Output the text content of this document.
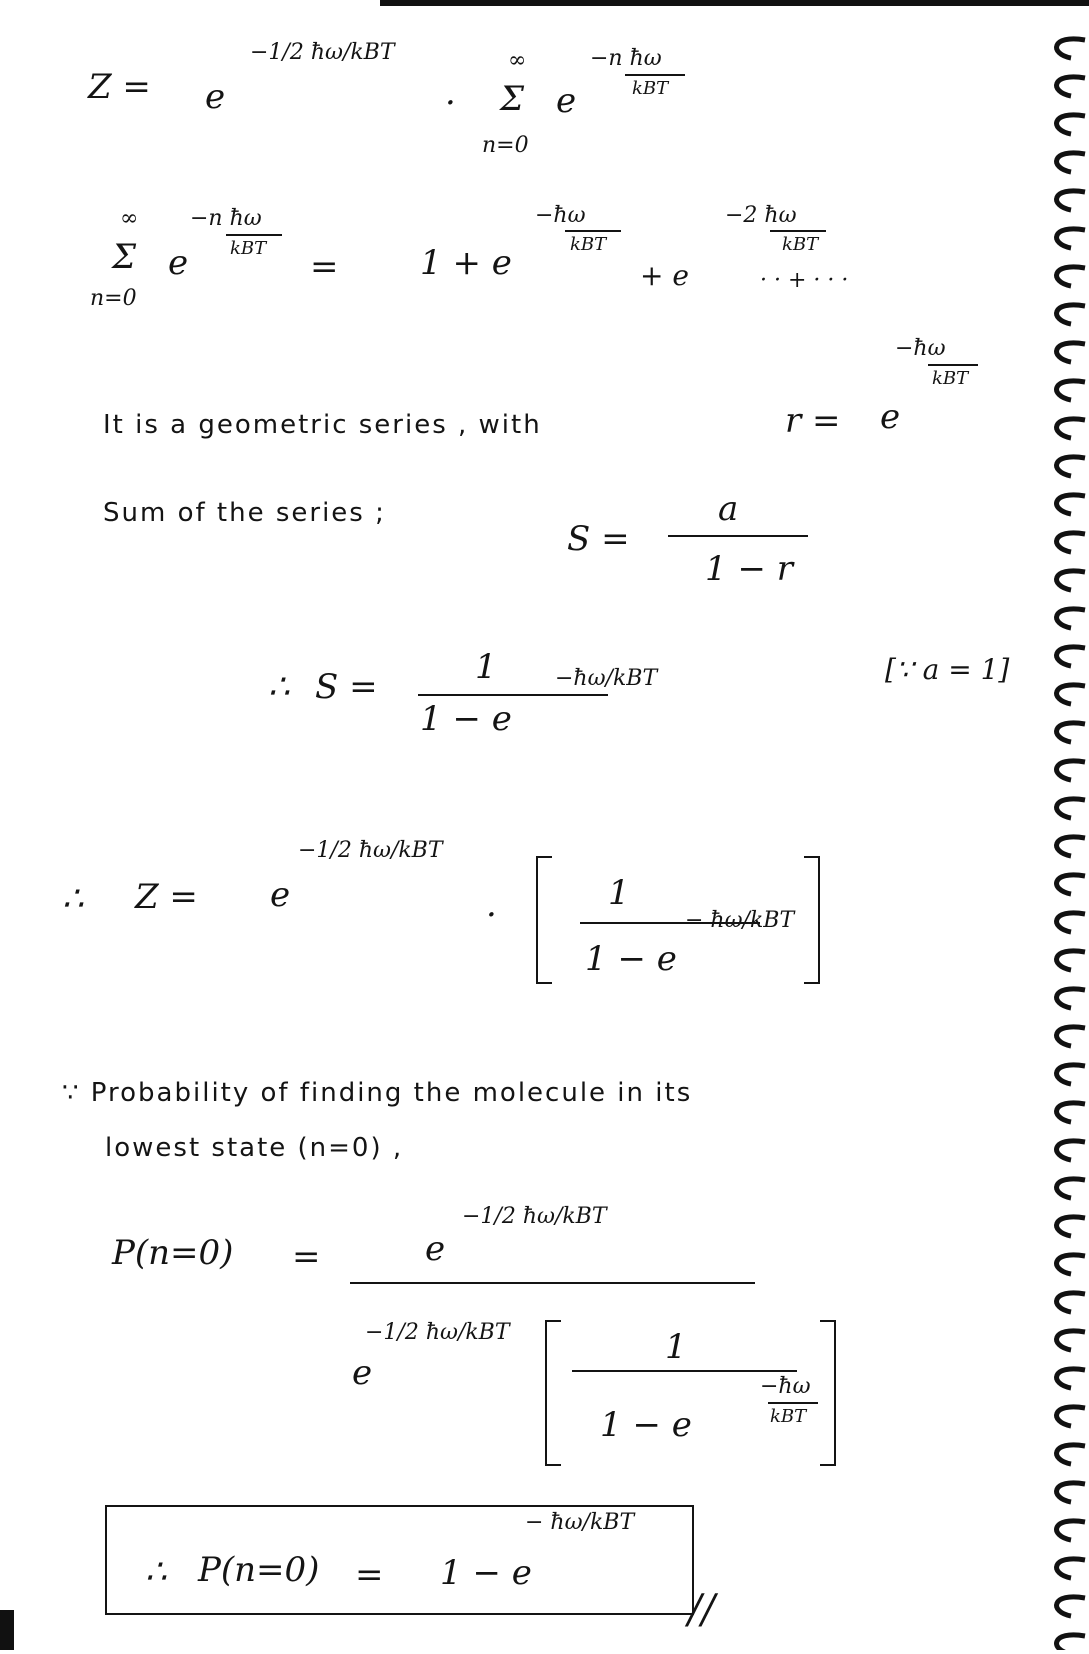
Z = e
−1/2 ħω/kBT
·
∞
Σ
n=0
e
−n ħω
kBT
∞
Σ e
−n ħω
kBT
n=0
= 1 + e
−ħω
kBT
+ e
−2 ħω
kBT
· · + · · ·
It is a geometric series , with	r = e
−ħω
kBT
Sum of the series ;
S =
a
1 − r
[∵ a = 1]
∴ S =	1
1 − e
−ħω/kBT
∴ Z = e
−1/2 ħω/kBT
·
1
1 − e
− ħω/kBT
∵ Probability of finding the molecule in its
lowest state (n=0) ,
P(n=0) =	e
−1/2 ħω/kBT
e
−1/2 ħω/kBT	1
1 − e
−ħω
kBT
∴ P(n=0) = 1 − e
− ħω/kBT
//
